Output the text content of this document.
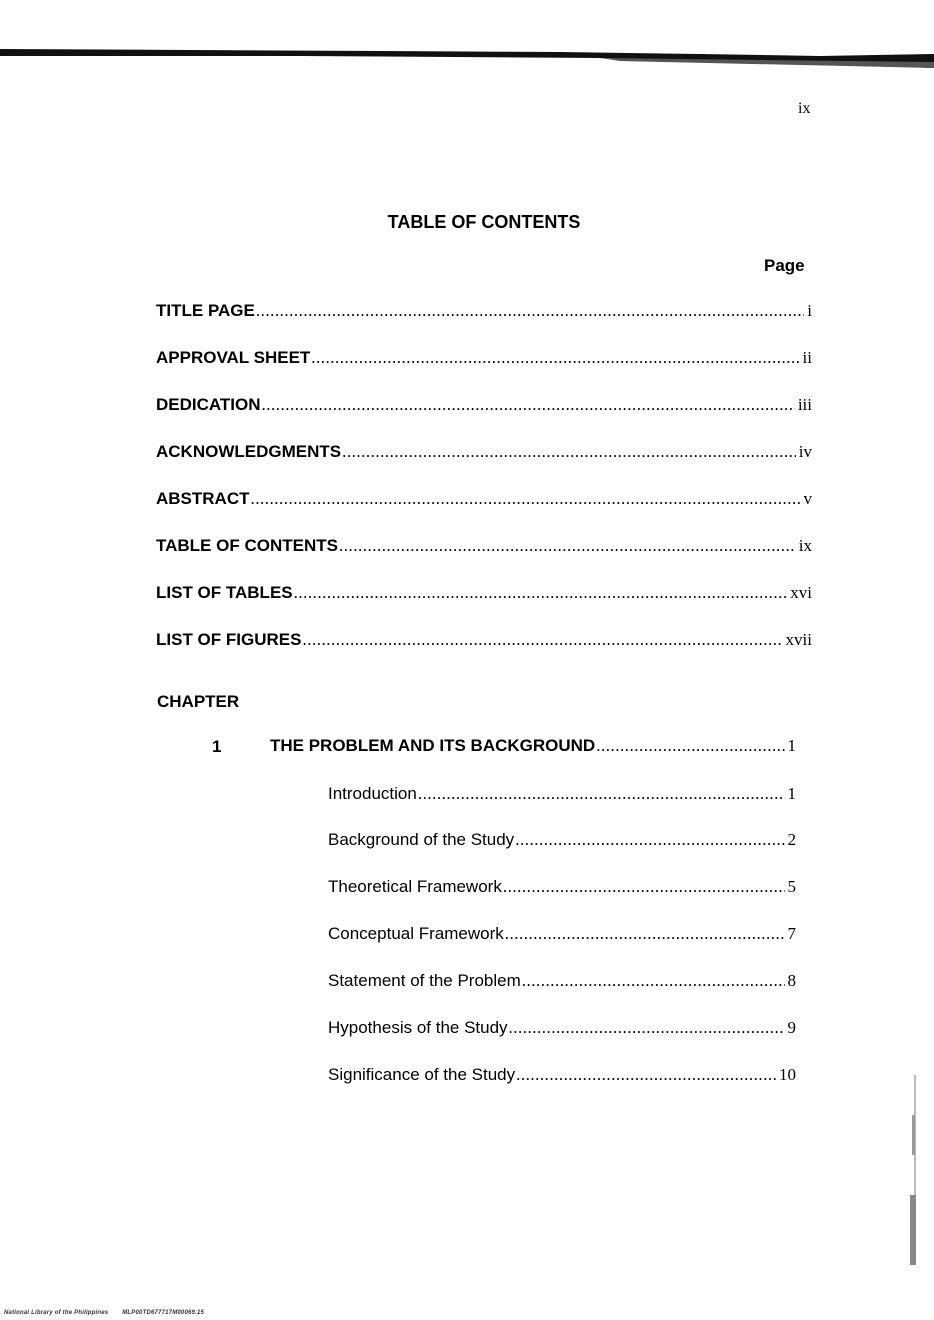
ix
TABLE OF CONTENTS
Page
TITLE PAGE .....	i
APPROVAL SHEET .....	ii
DEDICATION .....	iii
ACKNOWLEDGMENTS .....	iv
ABSTRACT .....	v
TABLE OF CONTENTS .....	ix
LIST OF TABLES .....	xvi
LIST OF FIGURES .....	xvii
CHAPTER
1	THE PROBLEM AND ITS BACKGROUND .....	1
Introduction .....	1
Background of the Study .....	2
Theoretical Framework .....	5
Conceptual Framework .....	7
Statement of the Problem .....	8
Hypothesis of the Study .....	9
Significance of the Study .....	10
National Library of the Philippines MLP00TD677717M00069.15
